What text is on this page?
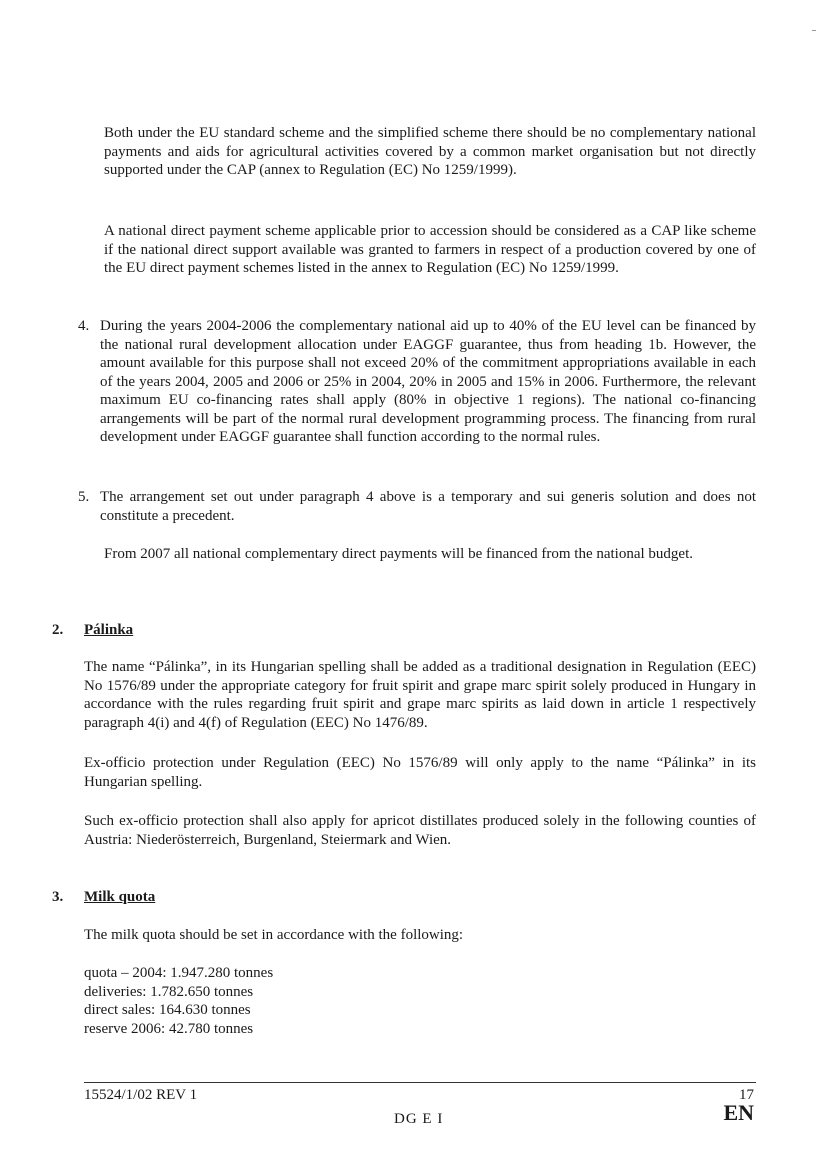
Both under the EU standard scheme and the simplified scheme there should be no complementary national payments and aids for agricultural activities covered by a common market organisation but not directly supported under the CAP (annex to Regulation (EC) No 1259/1999).

A national direct payment scheme applicable prior to accession should be considered as a CAP like scheme if the national direct support available was granted to farmers in respect of a production covered by one of the EU direct payment schemes listed in the annex to Regulation (EC) No 1259/1999.

4. During the years 2004-2006 the complementary national aid up to 40% of the EU level can be financed by the national rural development allocation under EAGGF guarantee, thus from heading 1b. However, the amount available for this purpose shall not exceed 20% of the commitment appropriations available in each of the years 2004, 2005 and 2006 or 25% in 2004, 20% in 2005 and 15% in 2006. Furthermore, the relevant maximum EU co-financing rates shall apply (80% in objective 1 regions). The national co-financing arrangements will be part of the normal rural development programming process. The financing from rural development under EAGGF guarantee shall function according to the normal rules.

5. The arrangement set out under paragraph 4 above is a temporary and sui generis solution and does not constitute a precedent.

From 2007 all national complementary direct payments will be financed from the national budget.

2. Pálinka

The name “Pálinka”, in its Hungarian spelling shall be added as a traditional designation in Regulation (EEC) No 1576/89 under the appropriate category for fruit spirit and grape marc spirit solely produced in Hungary in accordance with the rules regarding fruit spirit and grape marc spirits as laid down in article 1 respectively paragraph 4(i) and 4(f) of Regulation (EEC) No 1476/89.

Ex-officio protection under Regulation (EEC) No 1576/89 will only apply to the name “Pálinka” in its Hungarian spelling.

Such ex-officio protection shall also apply for apricot distillates produced solely in the following counties of Austria: Niederösterreich, Burgenland, Steiermark and Wien.

3. Milk quota

The milk quota should be set in accordance with the following:

quota – 2004: 1.947.280 tonnes
deliveries: 1.782.650 tonnes
direct sales: 164.630 tonnes
reserve 2006: 42.780 tonnes
15524/1/02 REV 1	17
DG E I	EN
